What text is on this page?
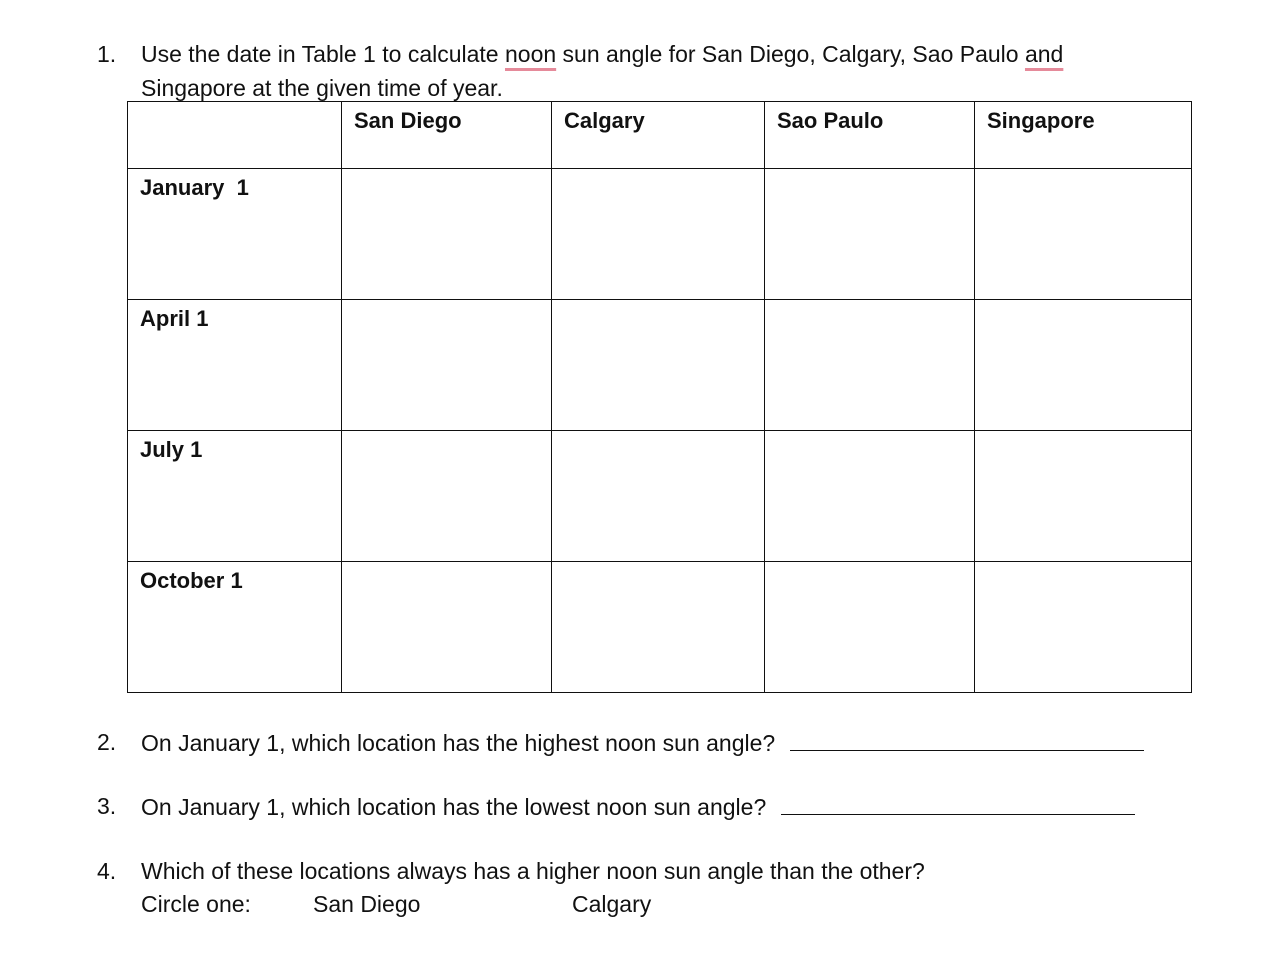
1. Use the date in Table 1 to calculate noon sun angle for San Diego, Calgary, Sao Paulo and
Singapore at the given time of year.
	San Diego	Calgary	Sao Paulo	Singapore
January  1				
April 1				
July 1				
October 1				
2. On January 1, which location has the highest noon sun angle?
3. On January 1, which location has the lowest noon sun angle?
4. Which of these locations always has a higher noon sun angle than the other?
Circle one:	San Diego	Calgary
